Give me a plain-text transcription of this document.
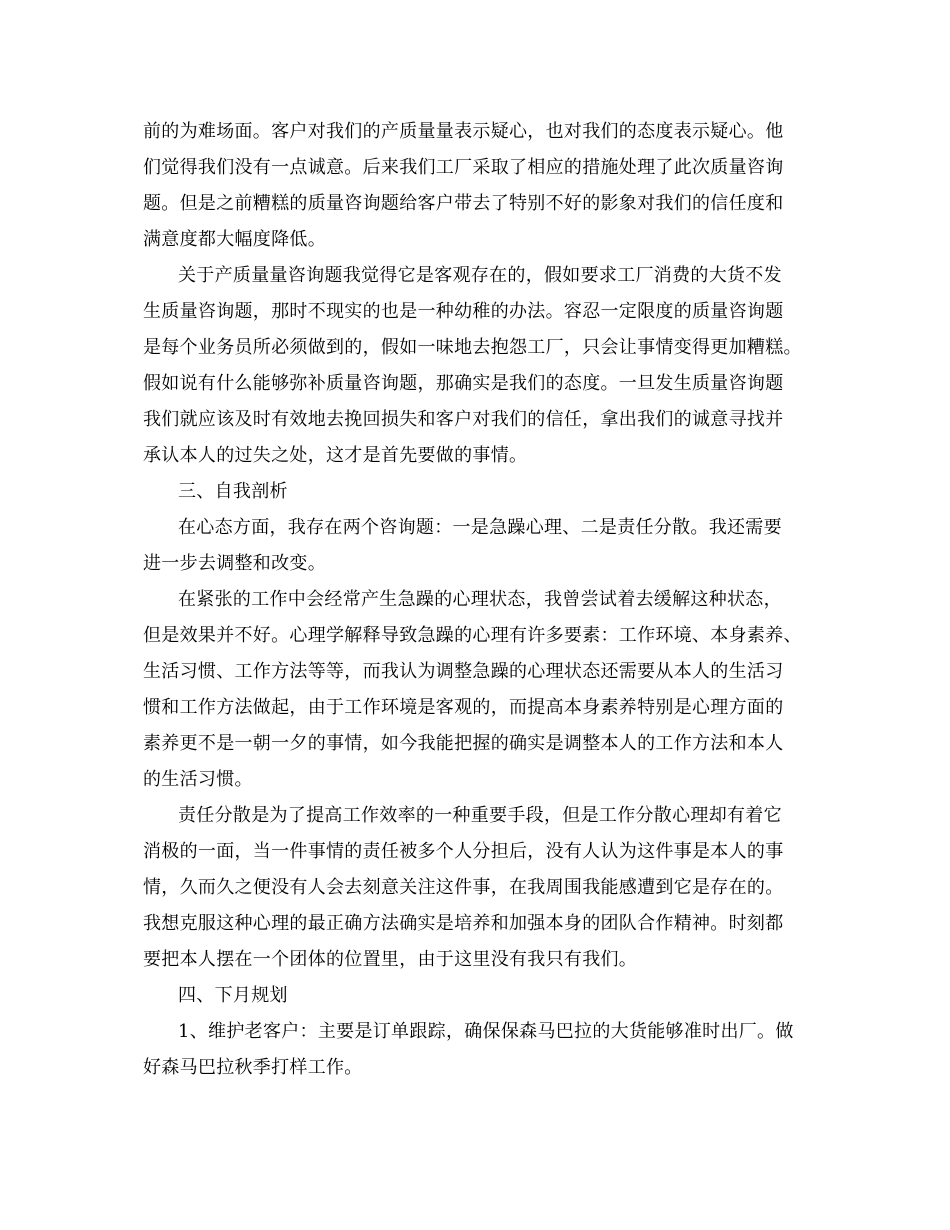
前的为难场面。客户对我们的产质量量表示疑心，也对我们的态度表示疑心。他
们觉得我们没有一点诚意。后来我们工厂采取了相应的措施处理了此次质量咨询
题。但是之前糟糕的质量咨询题给客户带去了特别不好的影象对我们的信任度和
满意度都大幅度降低。
关于产质量量咨询题我觉得它是客观存在的，假如要求工厂消费的大货不发
生质量咨询题，那时不现实的也是一种幼稚的办法。容忍一定限度的质量咨询题
是每个业务员所必须做到的，假如一味地去抱怨工厂，只会让事情变得更加糟糕。
假如说有什么能够弥补质量咨询题，那确实是我们的态度。一旦发生质量咨询题
我们就应该及时有效地去挽回损失和客户对我们的信任，拿出我们的诚意寻找并
承认本人的过失之处，这才是首先要做的事情。
三、自我剖析
在心态方面，我存在两个咨询题：一是急躁心理、二是责任分散。我还需要
进一步去调整和改变。
在紧张的工作中会经常产生急躁的心理状态，我曾尝试着去缓解这种状态，
但是效果并不好。心理学解释导致急躁的心理有许多要素：工作环境、本身素养、
生活习惯、工作方法等等，而我认为调整急躁的心理状态还需要从本人的生活习
惯和工作方法做起，由于工作环境是客观的，而提高本身素养特别是心理方面的
素养更不是一朝一夕的事情，如今我能把握的确实是调整本人的工作方法和本人
的生活习惯。
责任分散是为了提高工作效率的一种重要手段，但是工作分散心理却有着它
消极的一面，当一件事情的责任被多个人分担后，没有人认为这件事是本人的事
情，久而久之便没有人会去刻意关注这件事，在我周围我能感遭到它是存在的。
我想克服这种心理的最正确方法确实是培养和加强本身的团队合作精神。时刻都
要把本人摆在一个团体的位置里，由于这里没有我只有我们。
四、下月规划
1、维护老客户：主要是订单跟踪，确保保森马巴拉的大货能够准时出厂。做
好森马巴拉秋季打样工作。
